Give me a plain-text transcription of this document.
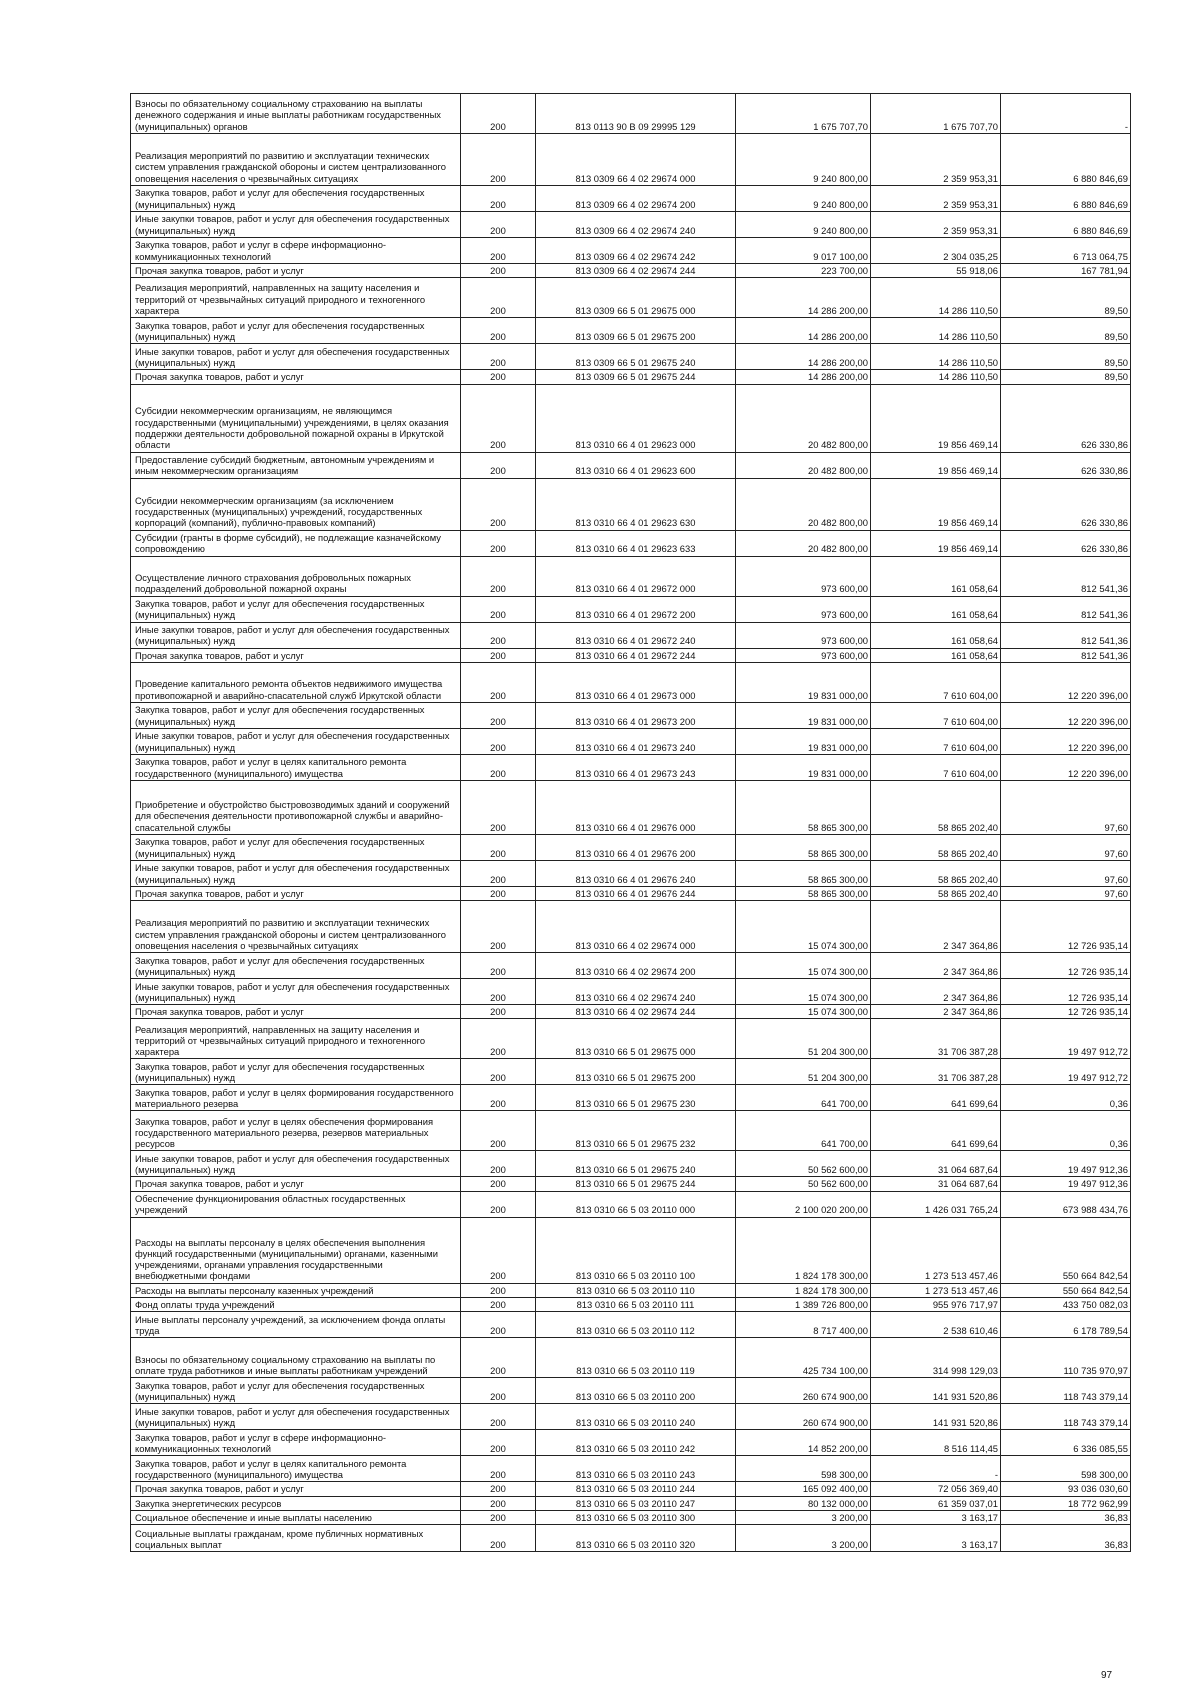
Взносы по обязательному социальному страхованию на выплаты денежного содержания и иные выплаты работникам государственных (муниципальных) органов	200	813 0113 90 В 09 29995 129	1 675 707,70	1 675 707,70	-
Реализация мероприятий по развитию и эксплуатации технических систем управления гражданской обороны и систем централизованного оповещения населения о чрезвычайных ситуациях	200	813 0309 66 4 02 29674 000	9 240 800,00	2 359 953,31	6 880 846,69
Закупка товаров, работ и услуг для обеспечения государственных (муниципальных) нужд	200	813 0309 66 4 02 29674 200	9 240 800,00	2 359 953,31	6 880 846,69
Иные закупки товаров, работ и услуг для обеспечения государственных (муниципальных) нужд	200	813 0309 66 4 02 29674 240	9 240 800,00	2 359 953,31	6 880 846,69
Закупка товаров, работ и услуг в сфере информационно-коммуникационных технологий	200	813 0309 66 4 02 29674 242	9 017 100,00	2 304 035,25	6 713 064,75
Прочая закупка товаров, работ и услуг	200	813 0309 66 4 02 29674 244	223 700,00	55 918,06	167 781,94
Реализация мероприятий, направленных на защиту населения и территорий от чрезвычайных ситуаций природного и техногенного характера	200	813 0309 66 5 01 29675 000	14 286 200,00	14 286 110,50	89,50
Закупка товаров, работ и услуг для обеспечения государственных (муниципальных) нужд	200	813 0309 66 5 01 29675 200	14 286 200,00	14 286 110,50	89,50
Иные закупки товаров, работ и услуг для обеспечения государственных (муниципальных) нужд	200	813 0309 66 5 01 29675 240	14 286 200,00	14 286 110,50	89,50
Прочая закупка товаров, работ и услуг	200	813 0309 66 5 01 29675 244	14 286 200,00	14 286 110,50	89,50
Субсидии некоммерческим организациям, не являющимся государственными (муниципальными) учреждениями, в целях оказания поддержки деятельности добровольной пожарной охраны в Иркутской области	200	813 0310 66 4 01 29623 000	20 482 800,00	19 856 469,14	626 330,86
Предоставление субсидий бюджетным, автономным учреждениям и иным некоммерческим организациям	200	813 0310 66 4 01 29623 600	20 482 800,00	19 856 469,14	626 330,86
Субсидии некоммерческим организациям (за исключением государственных (муниципальных) учреждений, государственных корпораций (компаний), публично-правовых компаний)	200	813 0310 66 4 01 29623 630	20 482 800,00	19 856 469,14	626 330,86
Субсидии (гранты в форме субсидий), не подлежащие казначейскому сопровождению	200	813 0310 66 4 01 29623 633	20 482 800,00	19 856 469,14	626 330,86
Осуществление личного страхования добровольных пожарных подразделений добровольной пожарной охраны	200	813 0310 66 4 01 29672 000	973 600,00	161 058,64	812 541,36
Закупка товаров, работ и услуг для обеспечения государственных (муниципальных) нужд	200	813 0310 66 4 01 29672 200	973 600,00	161 058,64	812 541,36
Иные закупки товаров, работ и услуг для обеспечения государственных (муниципальных) нужд	200	813 0310 66 4 01 29672 240	973 600,00	161 058,64	812 541,36
Прочая закупка товаров, работ и услуг	200	813 0310 66 4 01 29672 244	973 600,00	161 058,64	812 541,36
Проведение капитального ремонта объектов недвижимого имущества противопожарной и аварийно-спасательной служб Иркутской области	200	813 0310 66 4 01 29673 000	19 831 000,00	7 610 604,00	12 220 396,00
Закупка товаров, работ и услуг для обеспечения государственных (муниципальных) нужд	200	813 0310 66 4 01 29673 200	19 831 000,00	7 610 604,00	12 220 396,00
Иные закупки товаров, работ и услуг для обеспечения государственных (муниципальных) нужд	200	813 0310 66 4 01 29673 240	19 831 000,00	7 610 604,00	12 220 396,00
Закупка товаров, работ и услуг в целях капитального ремонта государственного (муниципального) имущества	200	813 0310 66 4 01 29673 243	19 831 000,00	7 610 604,00	12 220 396,00
Приобретение и обустройство быстровозводимых зданий и сооружений для обеспечения деятельности противопожарной службы и аварийно-спасательной службы	200	813 0310 66 4 01 29676 000	58 865 300,00	58 865 202,40	97,60
Закупка товаров, работ и услуг для обеспечения государственных (муниципальных) нужд	200	813 0310 66 4 01 29676 200	58 865 300,00	58 865 202,40	97,60
Иные закупки товаров, работ и услуг для обеспечения государственных (муниципальных) нужд	200	813 0310 66 4 01 29676 240	58 865 300,00	58 865 202,40	97,60
Прочая закупка товаров, работ и услуг	200	813 0310 66 4 01 29676 244	58 865 300,00	58 865 202,40	97,60
Реализация мероприятий по развитию и эксплуатации технических систем управления гражданской обороны и систем централизованного оповещения населения о чрезвычайных ситуациях	200	813 0310 66 4 02 29674 000	15 074 300,00	2 347 364,86	12 726 935,14
Закупка товаров, работ и услуг для обеспечения государственных (муниципальных) нужд	200	813 0310 66 4 02 29674 200	15 074 300,00	2 347 364,86	12 726 935,14
Иные закупки товаров, работ и услуг для обеспечения государственных (муниципальных) нужд	200	813 0310 66 4 02 29674 240	15 074 300,00	2 347 364,86	12 726 935,14
Прочая закупка товаров, работ и услуг	200	813 0310 66 4 02 29674 244	15 074 300,00	2 347 364,86	12 726 935,14
Реализация мероприятий, направленных на защиту населения и территорий от чрезвычайных ситуаций природного и техногенного характера	200	813 0310 66 5 01 29675 000	51 204 300,00	31 706 387,28	19 497 912,72
Закупка товаров, работ и услуг для обеспечения государственных (муниципальных) нужд	200	813 0310 66 5 01 29675 200	51 204 300,00	31 706 387,28	19 497 912,72
Закупка товаров, работ и услуг в целях формирования государственного материального резерва	200	813 0310 66 5 01 29675 230	641 700,00	641 699,64	0,36
Закупка товаров, работ и услуг в целях обеспечения формирования государственного материального резерва, резервов материальных ресурсов	200	813 0310 66 5 01 29675 232	641 700,00	641 699,64	0,36
Иные закупки товаров, работ и услуг для обеспечения государственных (муниципальных) нужд	200	813 0310 66 5 01 29675 240	50 562 600,00	31 064 687,64	19 497 912,36
Прочая закупка товаров, работ и услуг	200	813 0310 66 5 01 29675 244	50 562 600,00	31 064 687,64	19 497 912,36
Обеспечение функционирования областных государственных учреждений	200	813 0310 66 5 03 20110 000	2 100 020 200,00	1 426 031 765,24	673 988 434,76
Расходы на выплаты персоналу в целях обеспечения выполнения функций государственными (муниципальными) органами, казенными учреждениями, органами управления государственными внебюджетными фондами	200	813 0310 66 5 03 20110 100	1 824 178 300,00	1 273 513 457,46	550 664 842,54
Расходы на выплаты персоналу казенных учреждений	200	813 0310 66 5 03 20110 110	1 824 178 300,00	1 273 513 457,46	550 664 842,54
Фонд оплаты труда учреждений	200	813 0310 66 5 03 20110 111	1 389 726 800,00	955 976 717,97	433 750 082,03
Иные выплаты персоналу учреждений, за исключением фонда оплаты труда	200	813 0310 66 5 03 20110 112	8 717 400,00	2 538 610,46	6 178 789,54
Взносы по обязательному социальному страхованию на выплаты по оплате труда работников и иные выплаты работникам учреждений	200	813 0310 66 5 03 20110 119	425 734 100,00	314 998 129,03	110 735 970,97
Закупка товаров, работ и услуг для обеспечения государственных (муниципальных) нужд	200	813 0310 66 5 03 20110 200	260 674 900,00	141 931 520,86	118 743 379,14
Иные закупки товаров, работ и услуг для обеспечения государственных (муниципальных) нужд	200	813 0310 66 5 03 20110 240	260 674 900,00	141 931 520,86	118 743 379,14
Закупка товаров, работ и услуг в сфере информационно-коммуникационных технологий	200	813 0310 66 5 03 20110 242	14 852 200,00	8 516 114,45	6 336 085,55
Закупка товаров, работ и услуг в целях капитального ремонта государственного (муниципального) имущества	200	813 0310 66 5 03 20110 243	598 300,00	-	598 300,00
Прочая закупка товаров, работ и услуг	200	813 0310 66 5 03 20110 244	165 092 400,00	72 056 369,40	93 036 030,60
Закупка энергетических ресурсов	200	813 0310 66 5 03 20110 247	80 132 000,00	61 359 037,01	18 772 962,99
Социальное обеспечение и иные выплаты населению	200	813 0310 66 5 03 20110 300	3 200,00	3 163,17	36,83
Социальные выплаты гражданам, кроме публичных нормативных социальных выплат	200	813 0310 66 5 03 20110 320	3 200,00	3 163,17	36,83
97
